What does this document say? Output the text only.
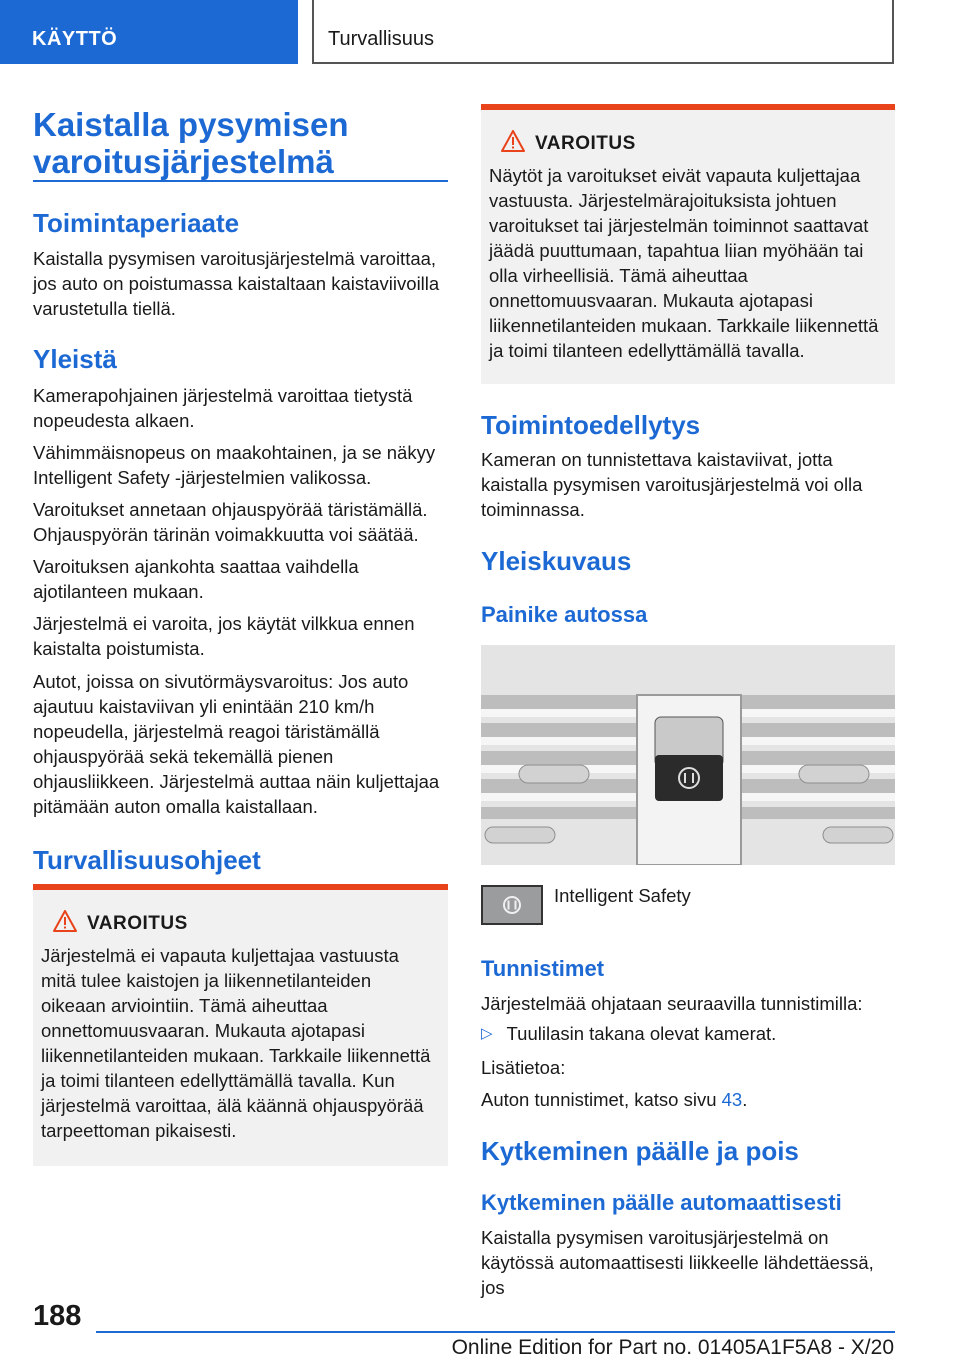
KÄYTTÖ	Turvallisuus
Kaistalla pysymisen varoitusjärjestelmä
Toimintaperiaate

Kaistalla pysymisen varoitusjärjestelmä varoittaa, jos auto on poistumassa kaistaltaan kaistaviivoilla varustetulla tiellä.

Yleistä

Kamerapohjainen järjestelmä varoittaa tietystä nopeudesta alkaen.

Vähimmäisnopeus on maakohtainen, ja se näkyy Intelligent Safety -järjestelmien valikossa.

Varoitukset annetaan ohjauspyörää täristämällä. Ohjauspyörän tärinän voimakkuutta voi säätää.

Varoituksen ajankohta saattaa vaihdella ajotilanteen mukaan.

Järjestelmä ei varoita, jos käytät vilkkua ennen kaistalta poistumista.

Autot, joissa on sivutörmäysvaroitus: Jos auto ajautuu kaistaviivan yli enintään 210 km/h nopeudella, järjestelmä reagoi täristämällä ohjauspyörää sekä tekemällä pienen ohjausliikkeen. Järjestelmä auttaa näin kuljettajaa pitämään auton omalla kaistallaan.

Turvallisuusohjeet
VAROITUS

Järjestelmä ei vapauta kuljettajaa vastuusta mitä tulee kaistojen ja liikennetilanteiden oikeaan arviointiin. Tämä aiheuttaa onnettomuusvaaran. Mukauta ajotapasi liikennetilanteiden mukaan. Tarkkaile liikennettä ja toimi tilanteen edellyttämällä tavalla. Kun järjestelmä varoittaa, älä käännä ohjauspyörää tarpeettoman pikaisesti.

VAROITUS

Näytöt ja varoitukset eivät vapauta kuljettajaa vastuusta. Järjestelmärajoituksista johtuen varoitukset tai järjestelmän toiminnot saattavat jäädä puuttumaan, tapahtua liian myöhään tai olla virheellisiä. Tämä aiheuttaa onnettomuusvaaran. Mukauta ajotapasi liikennetilanteiden mukaan. Tarkkaile liikennettä ja toimi tilanteen edellyttämällä tavalla.

Toimintoedellytys

Kameran on tunnistettava kaistaviivat, jotta kaistalla pysymisen varoitusjärjestelmä voi olla toiminnassa.

Yleiskuvaus
Painike autossa

Intelligent Safety

Tunnistimet

Järjestelmää ohjataan seuraavilla tunnistimilla:

▷ Tuulilasin takana olevat kamerat.

Lisätietoa:

Auton tunnistimet, katso sivu 43.

Kytkeminen päälle ja pois
Kytkeminen päälle automaattisesti

Kaistalla pysymisen varoitusjärjestelmä on käytössä automaattisesti liikkeelle lähdettäessä, jos

188
Online Edition for Part no. 01405A1F5A8 - X/20
